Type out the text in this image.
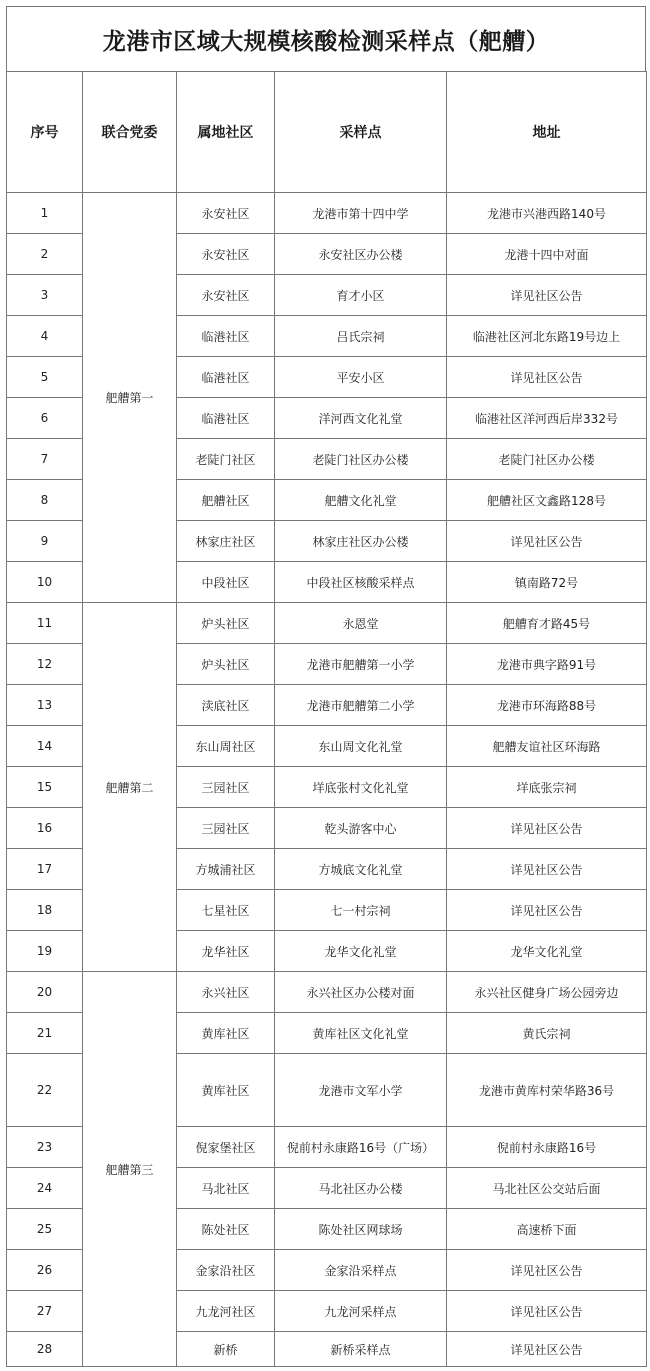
龙港市区域大规模核酸检测采样点（舥艚）
序号	联合党委	属地社区	采样点	地址
1	舥艚第一	永安社区	龙港市第十四中学	龙港市兴港西路140号
2		永安社区	永安社区办公楼	龙港十四中对面
3		永安社区	育才小区	详见社区公告
4		临港社区	吕氏宗祠	临港社区河北东路19号边上
5		临港社区	平安小区	详见社区公告
6		临港社区	洋河西文化礼堂	临港社区洋河西后岸332号
7		老陡门社区	老陡门社区办公楼	老陡门社区办公楼
8		舥艚社区	舥艚文化礼堂	舥艚社区文鑫路128号
9		林家庄社区	林家庄社区办公楼	详见社区公告
10		中段社区	中段社区核酸采样点	镇南路72号
11	舥艚第二	炉头社区	永恩堂	舥艚育才路45号
12		炉头社区	龙港市舥艚第一小学	龙港市典字路91号
13		渎底社区	龙港市舥艚第二小学	龙港市环海路88号
14		东山周社区	东山周文化礼堂	舥艚友谊社区环海路
15		三园社区	垟底张村文化礼堂	垟底张宗祠
16		三园社区	乾头游客中心	详见社区公告
17		方城浦社区	方城底文化礼堂	详见社区公告
18		七星社区	七一村宗祠	详见社区公告
19		龙华社区	龙华文化礼堂	龙华文化礼堂
20	舥艚第三	永兴社区	永兴社区办公楼对面	永兴社区健身广场公园旁边
21		黄库社区	黄库社区文化礼堂	黄氏宗祠
22		黄库社区	龙港市文军小学	龙港市黄库村荣华路36号
23		倪家堡社区	倪前村永康路16号（广场）	倪前村永康路16号
24		马北社区	马北社区办公楼	马北社区公交站后面
25		陈处社区	陈处社区网球场	高速桥下面
26		金家沿社区	金家沿采样点	详见社区公告
27		九龙河社区	九龙河采样点	详见社区公告
28		新桥	新桥采样点	详见社区公告
